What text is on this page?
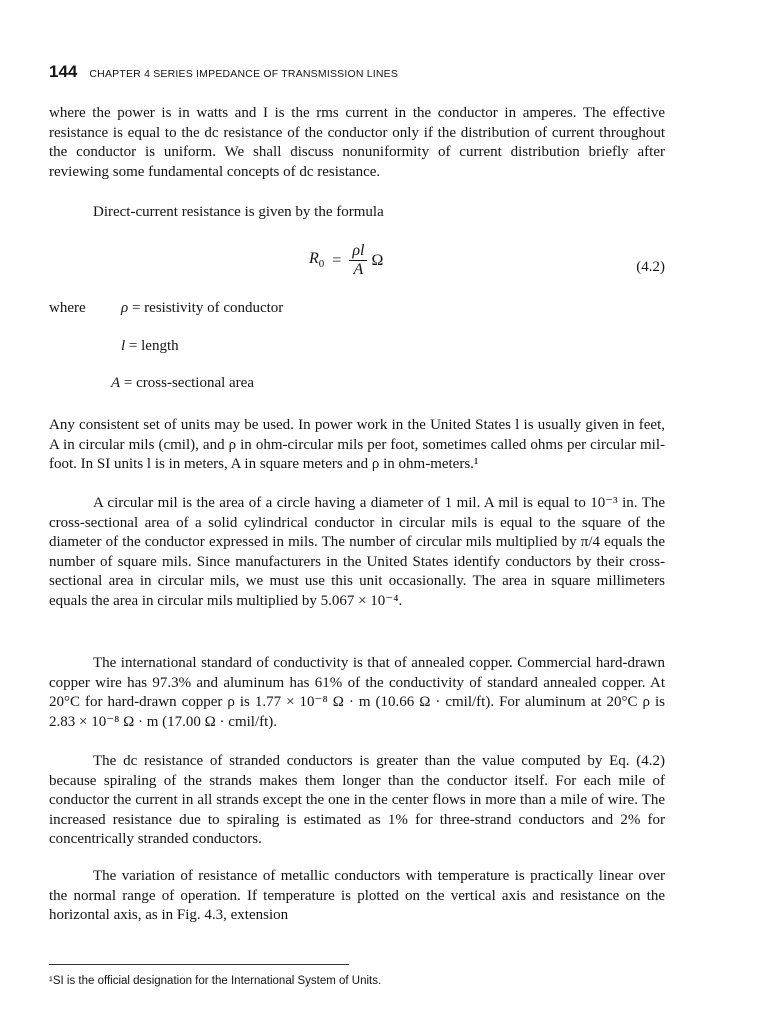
144 CHAPTER 4 SERIES IMPEDANCE OF TRANSMISSION LINES

where the power is in watts and I is the rms current in the conductor in amperes. The effective resistance is equal to the dc resistance of the conductor only if the distribution of current throughout the conductor is uniform. We shall discuss nonuniformity of current distribution briefly after reviewing some fundamental concepts of dc resistance.

Direct-current resistance is given by the formula

$R_0 = \frac{\rho l}{A}$ Ω	(4.2)
where ρ = resistivity of conductor
l = length
A = cross-sectional area

Any consistent set of units may be used. In power work in the United States l is usually given in feet, A in circular mils (cmil), and ρ in ohm-circular mils per foot, sometimes called ohms per circular mil-foot. In SI units l is in meters, A in square meters and ρ in ohm-meters.¹

A circular mil is the area of a circle having a diameter of 1 mil. A mil is equal to 10⁻³ in. The cross-sectional area of a solid cylindrical conductor in circular mils is equal to the square of the diameter of the conductor expressed in mils. The number of circular mils multiplied by π/4 equals the number of square mils. Since manufacturers in the United States identify conductors by their cross-sectional area in circular mils, we must use this unit occasionally. The area in square millimeters equals the area in circular mils multiplied by 5.067 × 10⁻⁴.

The international standard of conductivity is that of annealed copper. Commercial hard-drawn copper wire has 97.3% and aluminum has 61% of the conductivity of standard annealed copper. At 20°C for hard-drawn copper ρ is 1.77 × 10⁻⁸ Ω · m (10.66 Ω · cmil/ft). For aluminum at 20°C ρ is 2.83 × 10⁻⁸ Ω · m (17.00 Ω · cmil/ft).

The dc resistance of stranded conductors is greater than the value computed by Eq. (4.2) because spiraling of the strands makes them longer than the conductor itself. For each mile of conductor the current in all strands except the one in the center flows in more than a mile of wire. The increased resistance due to spiraling is estimated as 1% for three-strand conductors and 2% for concentrically stranded conductors.

The variation of resistance of metallic conductors with temperature is practically linear over the normal range of operation. If temperature is plotted on the vertical axis and resistance on the horizontal axis, as in Fig. 4.3, extension

¹SI is the official designation for the International System of Units.
